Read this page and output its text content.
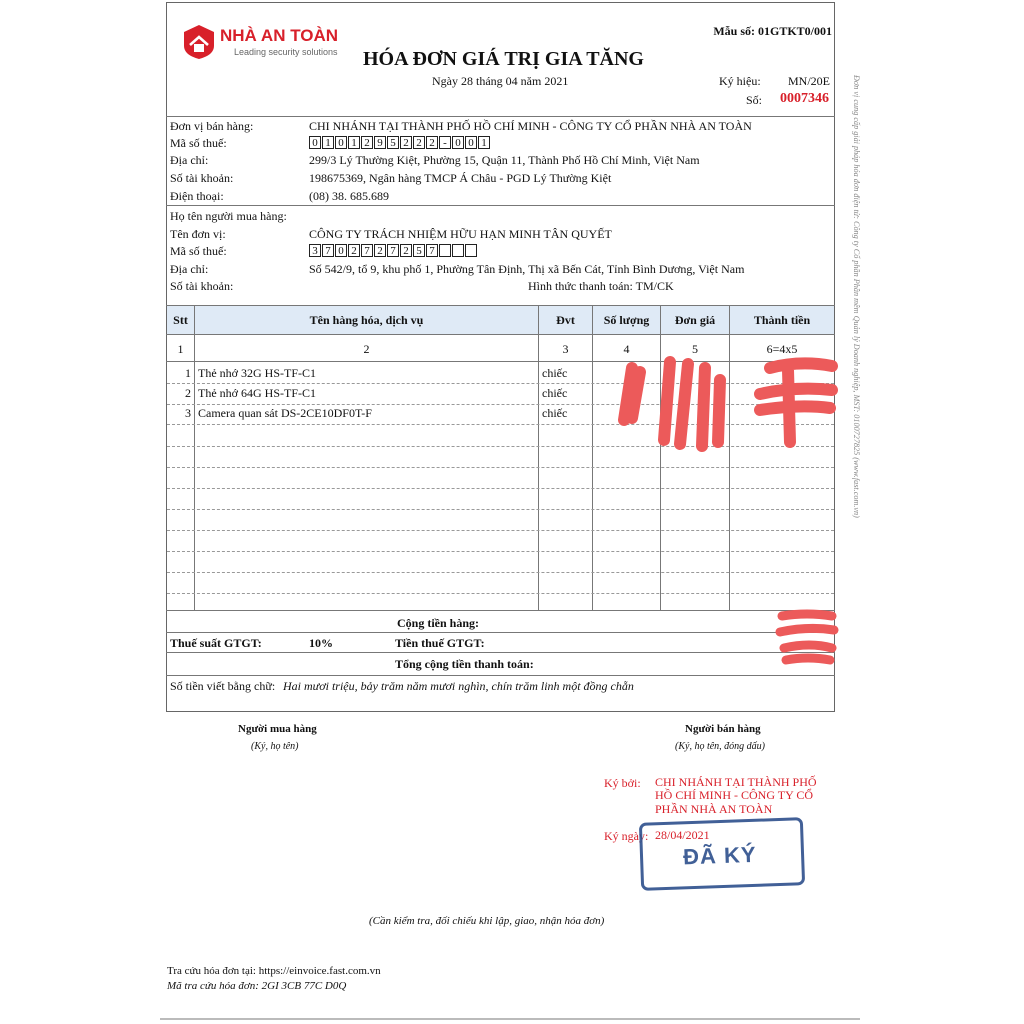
NHÀ AN TOÀN
Leading security solutions
Mẫu số: 01GTKT0/001
HÓA ĐƠN GIÁ TRỊ GIA TĂNG
Ngày 28 tháng 04 năm 2021	Ký hiệu: MN/20E
Số: 0007346	Đơn vị cung cấp giải pháp hóa đơn điện tử: Công ty Cổ phần Phần mềm Quản lý Doanh nghiệp, MST: 0100727825 (www.fast.com.vn)
Đơn vị bán hàng:	CHI NHÁNH TẠI THÀNH PHỐ HỒ CHÍ MINH - CÔNG TY CỔ PHẦN NHÀ AN TOÀN
Mã số thuế:	0 1 0 1 2 9 5 2 2 2 - 0 0 1
Địa chỉ:	299/3 Lý Thường Kiệt, Phường 15, Quận 11, Thành Phố Hồ Chí Minh, Việt Nam
Số tài khoản:	198675369, Ngân hàng TMCP Á Châu - PGD Lý Thường Kiệt
Điện thoại:	(08) 38. 685.689
Họ tên người mua hàng:
Tên đơn vị:	CÔNG TY TRÁCH NHIỆM HỮU HẠN MINH TÂN QUYẾT
Mã số thuế:	3 7 0 2 7 2 7 2 5 7
Địa chỉ:	Số 542/9, tổ 9, khu phố 1, Phường Tân Định, Thị xã Bến Cát, Tỉnh Bình Dương, Việt Nam
Số tài khoản:	Hình thức thanh toán: TM/CK
Stt	Tên hàng hóa, dịch vụ	Đvt	Số lượng	Đơn giá	Thành tiền
1	2	3	4	5	6=4x5
1 Thẻ nhớ 32G HS-TF-C1	chiếc
2 Thẻ nhớ 64G HS-TF-C1	chiếc
3 Camera quan sát DS-2CE10DF0T-F	chiếc
Cộng tiền hàng:
Thuế suất GTGT:	10%	Tiền thuế GTGT:
Tổng cộng tiền thanh toán:
Số tiền viết bằng chữ: Hai mươi triệu, bảy trăm năm mươi nghìn, chín trăm linh một đồng chẵn
Người mua hàng
(Ký, họ tên)
Người bán hàng
(Ký, họ tên, đóng dấu)
Ký bởi: CHI NHÁNH TẠI THÀNH PHỐ
HỒ CHÍ MINH - CÔNG TY CỔ
PHẦN NHÀ AN TOÀN
Ký ngày: 28/04/2021
ĐÃ KÝ
(Cần kiểm tra, đối chiếu khi lập, giao, nhận hóa đơn)
Tra cứu hóa đơn tại: https://einvoice.fast.com.vn
Mã tra cứu hóa đơn: 2GI 3CB 77C D0Q
